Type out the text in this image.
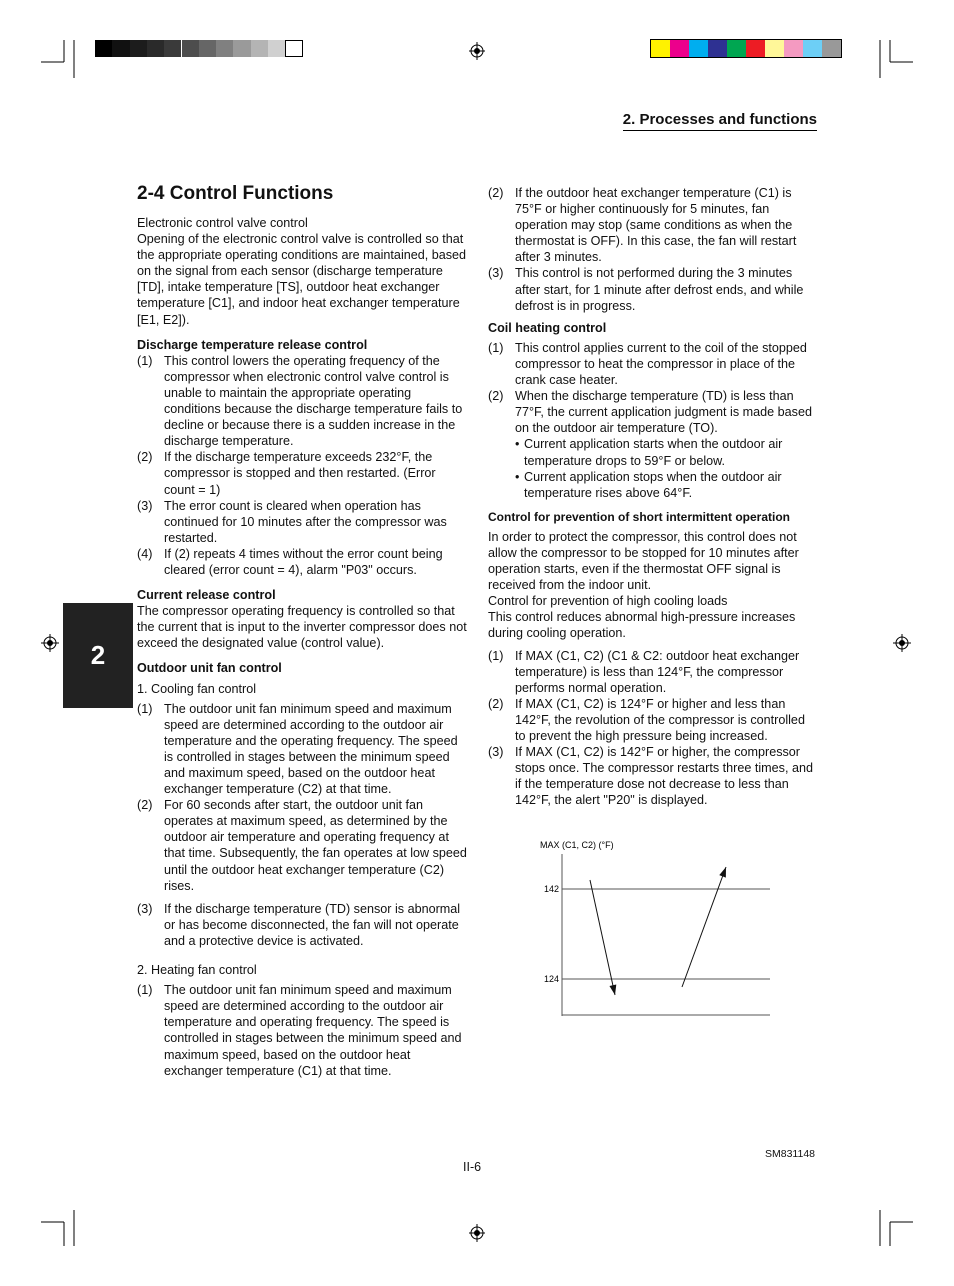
2. Processes and functions
2
2-4 Control Functions

Electronic control valve control

Opening of the electronic control valve is controlled so that the appropriate operating conditions are maintained, based on the signal from each sensor (discharge temperature [TD], intake temperature [TS], outdoor heat exchanger temperature [C1], and indoor heat exchanger temperature [E1, E2]).

Discharge temperature release control

(1) This control lowers the operating frequency of the compressor when electronic control valve control is unable to maintain the appropriate operating conditions because the discharge temperature fails to decline or because there is a sudden increase in the discharge temperature.
(2) If the discharge temperature exceeds 232°F, the compressor is stopped and then restarted. (Error count = 1)
(3) The error count is cleared when operation has continued for 10 minutes after the compressor was restarted.
(4) If (2) repeats 4 times without the error count being cleared (error count = 4), alarm "P03" occurs.

Current release control

The compressor operating frequency is controlled so that the current that is input to the inverter compressor does not exceed the designated value (control value).

Outdoor unit fan control

1. Cooling fan control

(1) The outdoor unit fan minimum speed and maximum speed are determined according to the outdoor air temperature and the operating frequency. The speed is controlled in stages between the minimum speed and maximum speed, based on the outdoor heat exchanger temperature (C2) at that time.
(2) For 60 seconds after start, the outdoor unit fan operates at maximum speed, as determined by the outdoor air temperature and operating frequency at that time. Subsequently, the fan operates at low speed until the outdoor heat exchanger temperature (C2) rises.
(3) If the discharge temperature (TD) sensor is abnormal or has become disconnected, the fan will not operate and a protective device is activated.

2. Heating fan control

(1) The outdoor unit fan minimum speed and maximum speed are determined according to the outdoor air temperature and operating frequency. The speed is controlled in stages between the minimum speed and maximum speed, based on the outdoor heat exchanger temperature (C1) at that time.
(2) If the outdoor heat exchanger temperature (C1) is 75°F or higher continuously for 5 minutes, fan operation may stop (same conditions as when the thermostat is OFF). In this case, the fan will restart after 3 minutes.
(3) This control is not performed during the 3 minutes after start, for 1 minute after defrost ends, and while defrost is in progress.

Coil heating control

(1) This control applies current to the coil of the stopped compressor to heat the compressor in place of the crank case heater.
(2) When the discharge temperature (TD) is less than 77°F, the current application judgment is made based on the outdoor air temperature (TO).
• Current application starts when the outdoor air temperature drops to 59°F or below.
• Current application stops when the outdoor air temperature rises above 64°F.

Control for prevention of short intermittent operation

In order to protect the compressor, this control does not allow the compressor to be stopped for 10 minutes after operation starts, even if the thermostat OFF signal is received from the indoor unit.

Control for prevention of high cooling loads

This control reduces abnormal high-pressure increases during cooling operation.

(1) If MAX (C1, C2) (C1 & C2: outdoor heat exchanger temperature) is less than 124°F, the compressor performs normal operation.
(2) If MAX (C1, C2) is 124°F or higher and less than 142°F, the revolution of the compressor is controlled to prevent the high pressure being increased.
(3) If MAX (C1, C2) is 142°F or higher, the compressor stops once. The compressor restarts three times, and if the temperature dose not decrease to less than 142°F, the alert "P20" is displayed.
MAX (C1, C2) (°F)
142
124
II-6
SM831148
